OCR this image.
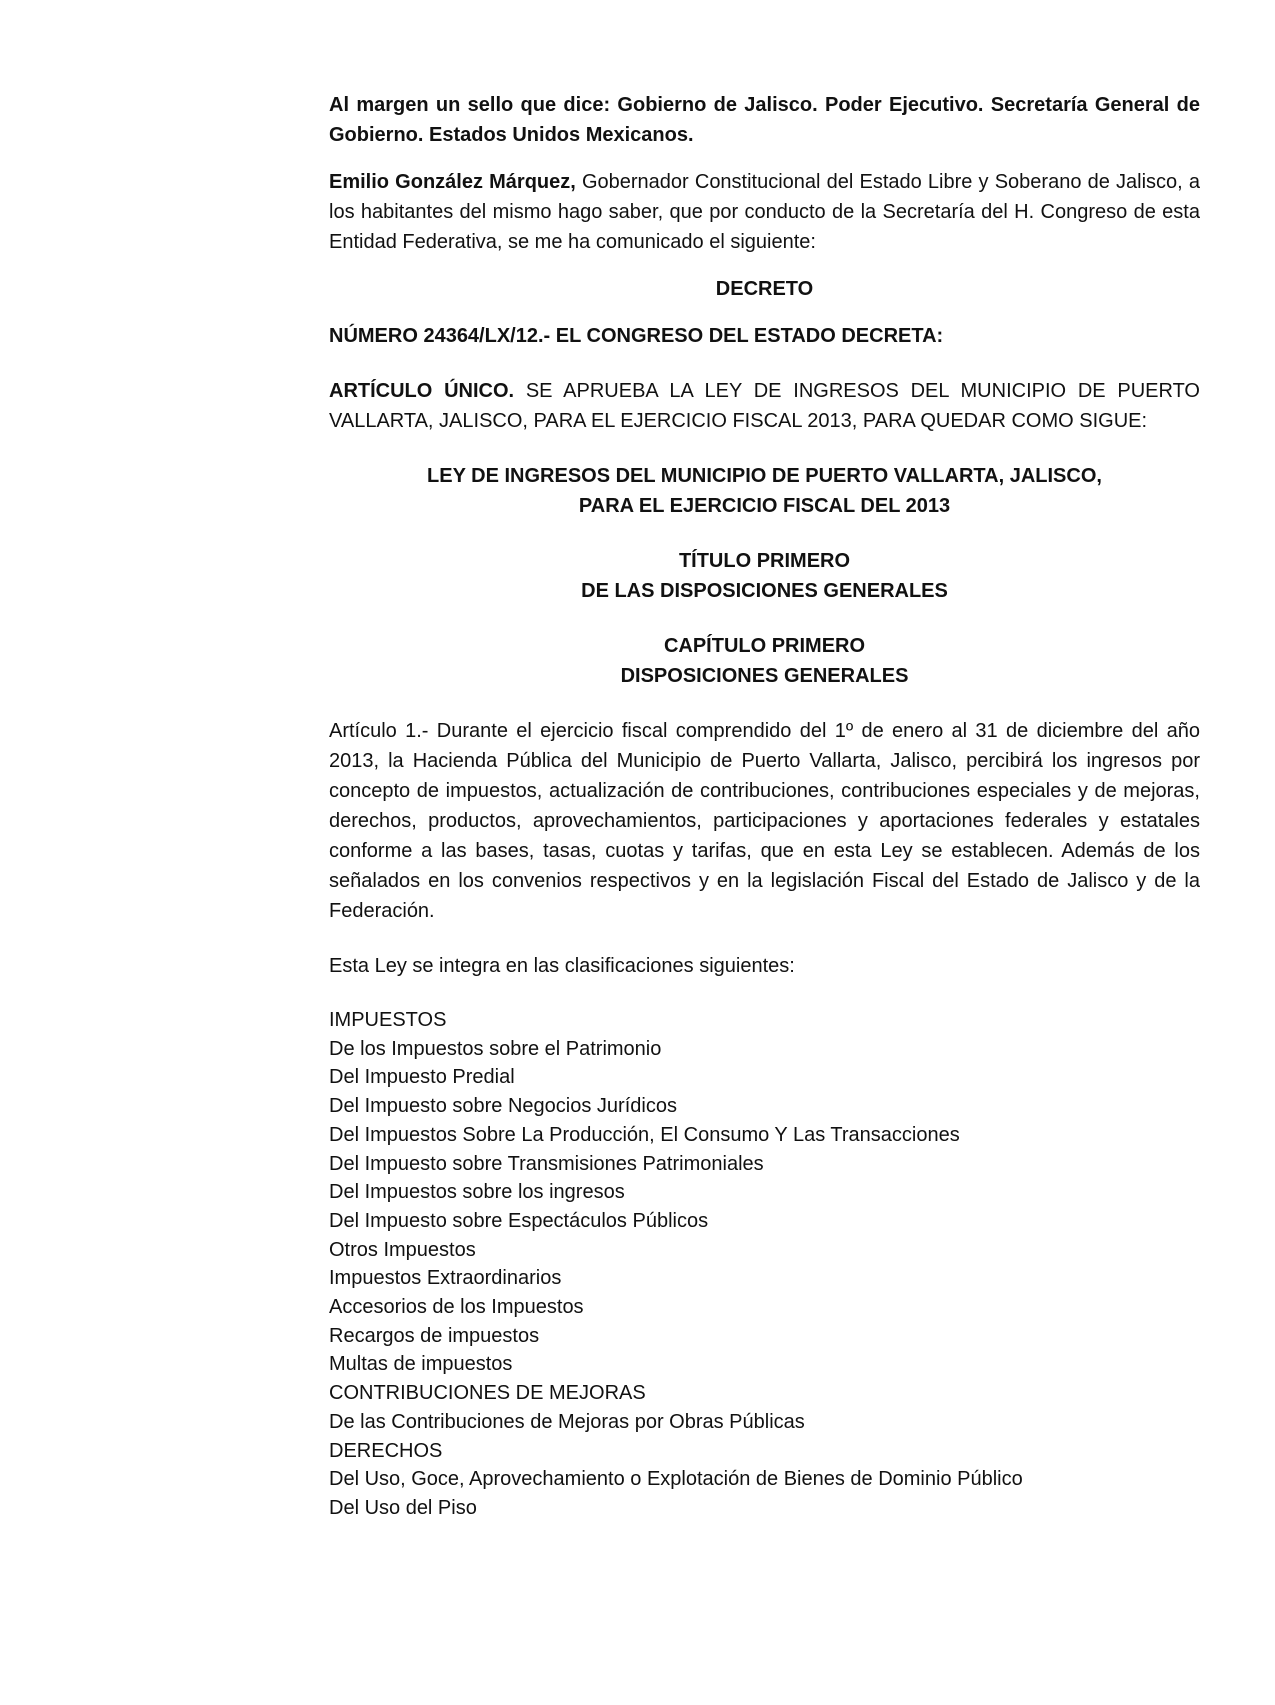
Al margen un sello que dice: Gobierno de Jalisco. Poder Ejecutivo. Secretaría General de Gobierno. Estados Unidos Mexicanos.

Emilio González Márquez, Gobernador Constitucional del Estado Libre y Soberano de Jalisco, a los habitantes del mismo hago saber, que por conducto de la Secretaría del H. Congreso de esta Entidad Federativa, se me ha comunicado el siguiente:

DECRETO

NÚMERO 24364/LX/12.- EL CONGRESO DEL ESTADO DECRETA:

ARTÍCULO ÚNICO. SE APRUEBA LA LEY DE INGRESOS DEL MUNICIPIO DE PUERTO VALLARTA, JALISCO, PARA EL EJERCICIO FISCAL 2013, PARA QUEDAR COMO SIGUE:

LEY DE INGRESOS DEL MUNICIPIO DE PUERTO VALLARTA, JALISCO,
PARA EL EJERCICIO FISCAL DEL 2013

TÍTULO PRIMERO
DE LAS DISPOSICIONES GENERALES

CAPÍTULO PRIMERO
DISPOSICIONES GENERALES

Artículo 1.- Durante el ejercicio fiscal comprendido del 1º de enero al 31 de diciembre del año 2013, la Hacienda Pública del Municipio de Puerto Vallarta, Jalisco, percibirá los ingresos por concepto de impuestos, actualización de contribuciones, contribuciones especiales y de mejoras, derechos, productos, aprovechamientos, participaciones y aportaciones federales y estatales conforme a las bases, tasas, cuotas y tarifas, que en esta Ley se establecen. Además de los señalados en los convenios respectivos y en la legislación Fiscal del Estado de Jalisco y de la Federación.

Esta Ley se integra en las clasificaciones siguientes:

IMPUESTOS
De los Impuestos sobre el Patrimonio
Del Impuesto Predial
Del Impuesto sobre Negocios Jurídicos
Del Impuestos Sobre La Producción, El Consumo Y Las Transacciones
Del Impuesto sobre Transmisiones Patrimoniales
Del Impuestos sobre los ingresos
Del Impuesto sobre Espectáculos Públicos
Otros Impuestos
Impuestos Extraordinarios
Accesorios de los Impuestos
Recargos de impuestos
Multas de impuestos
CONTRIBUCIONES DE MEJORAS
De las Contribuciones de Mejoras por Obras Públicas
DERECHOS
Del Uso, Goce, Aprovechamiento o Explotación de Bienes de Dominio Público
Del Uso del Piso
